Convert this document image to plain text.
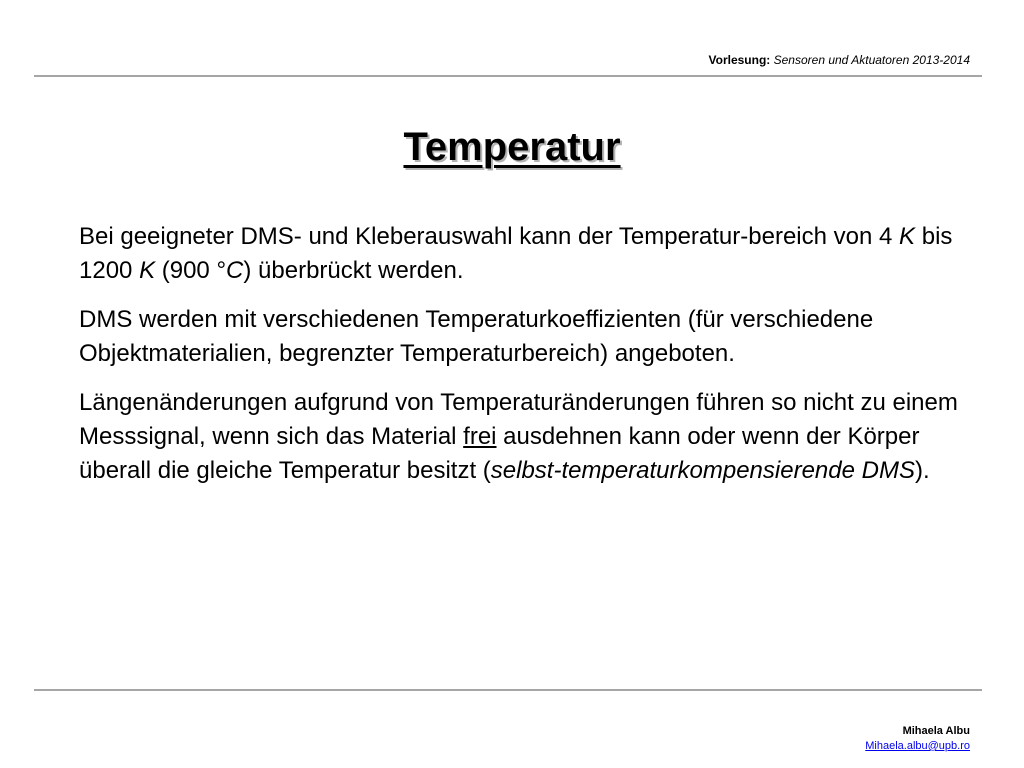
Vorlesung: Sensoren und Aktuatoren 2013-2014
Temperatur

Bei geeigneter DMS- und Kleberauswahl kann der Temperatur-bereich von 4 K bis 1200 K (900 °C) überbrückt werden.

DMS werden mit verschiedenen Temperaturkoeffizienten (für verschiedene Objektmaterialien, begrenzter Temperaturbereich) angeboten.

Längenänderungen aufgrund von Temperaturänderungen führen so nicht zu einem Messsignal, wenn sich das Material frei ausdehnen kann oder wenn der Körper überall die gleiche Temperatur besitzt (selbst-temperaturkompensierende DMS).

Mihaela Albu
Mihaela.albu@upb.ro
